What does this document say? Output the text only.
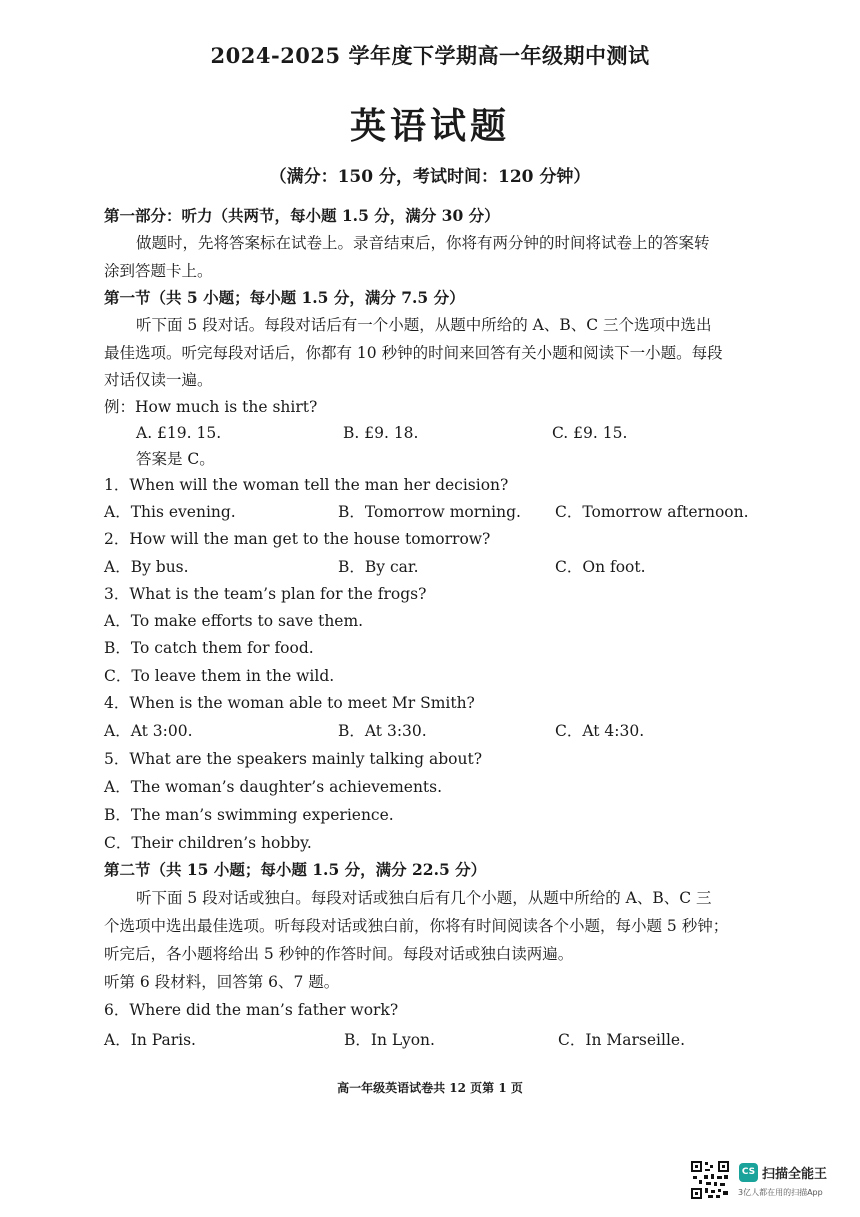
2024-2025 学年度下学期高一年级期中测试
英语试题
（满分：150 分，考试时间：120 分钟）
第一部分：听力（共两节，每小题 1.5 分，满分 30 分）
做题时，先将答案标在试卷上。录音结束后，你将有两分钟的时间将试卷上的答案转
涂到答题卡上。
第一节（共 5 小题；每小题 1.5 分，满分 7.5 分）
听下面 5 段对话。每段对话后有一个小题，从题中所给的 A、B、C 三个选项中选出
最佳选项。听完每段对话后，你都有 10 秒钟的时间来回答有关小题和阅读下一小题。每段
对话仅读一遍。
例：How much is the shirt?
A. £19. 15.	B. £9. 18.	C. £9. 15.
答案是 C。
1．When will the woman tell the man her decision?
A．This evening.	B．Tomorrow morning. C．Tomorrow afternoon.
2．How will the man get to the house tomorrow?
A．By bus.	B．By car.	C．On foot.
3．What is the team’s plan for the frogs?
A．To make efforts to save them.
B．To catch them for food.
C．To leave them in the wild.
4．When is the woman able to meet Mr Smith?
A．At 3:00.	B．At 3:30.	C．At 4:30.
5．What are the speakers mainly talking about?
A．The woman’s daughter’s achievements.
B．The man’s swimming experience.
C．Their children’s hobby.
第二节（共 15 小题；每小题 1.5 分，满分 22.5 分）
听下面 5 段对话或独白。每段对话或独白后有几个小题，从题中所给的 A、B、C 三
个选项中选出最佳选项。听每段对话或独白前，你将有时间阅读各个小题，每小题 5 秒钟；
听完后，各小题将给出 5 秒钟的作答时间。每段对话或独白读两遍。
听第 6 段材料，回答第 6、7 题。
6．Where did the man’s father work?
A．In Paris.	B．In Lyon.	C．In Marseille.
高一年级英语试卷共 12 页第 1 页
CS 扫描全能王
3亿人都在用的扫描App
